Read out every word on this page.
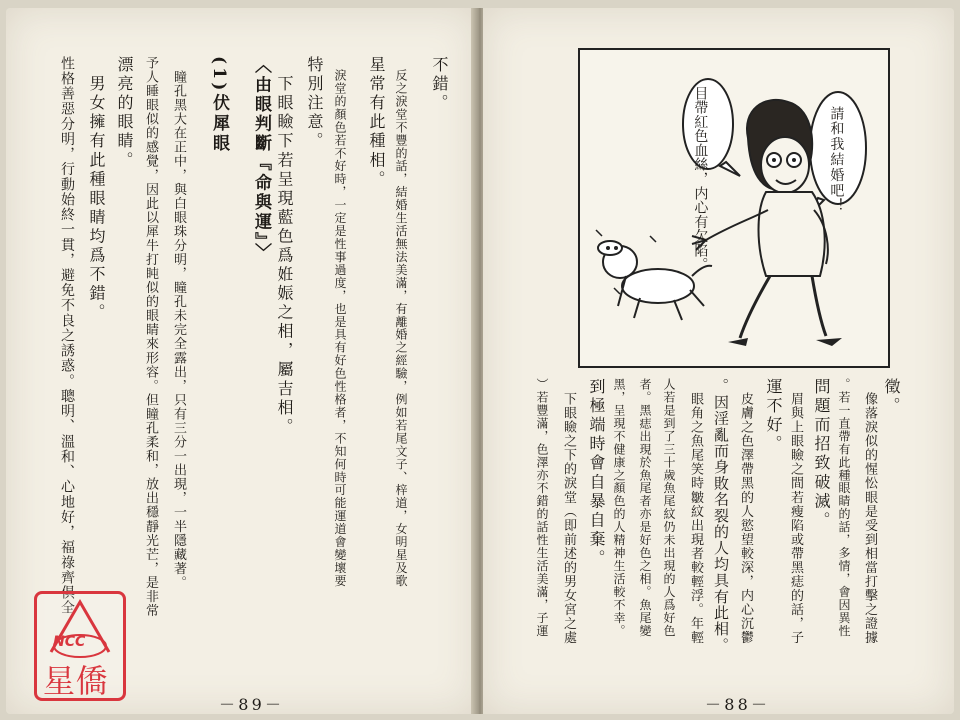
不錯。
　反之淚堂不豐的話，結婚生活無法美滿，有離婚之經驗，例如若尾文子、梓道，女明星及歌
星常有此種相。
　淚堂的顏色若不好時，一定是性事過度，也是具有好色性格者，不知何時可能運道會變壞要
特別注意。
　下眼瞼下若呈現藍色爲姙娠之相，屬吉相。
〈由眼判斷『命與運』〉
(1)伏犀眼
　瞳孔黑大在正中，與白眼珠分明，瞳孔未完全露出，只有三分一出現，一半隱藏著。
予人睡眼似的感覺，因此以犀牛打盹似的眼睛來形容。但瞳孔柔和，放出穩靜光芒，是非常
漂亮的眼睛。
　男女擁有此種眼睛均爲不錯。
性格善惡分明，行動始終一貫，避免不良之誘惑。聰明、溫和、心地好，福祿齊俱全
－89－
NCC
星僑
請和我結婚吧！
目帶紅色血絲，内心有欠陷。
徵。
　像落淚似的惺忪眼是受到相當打擊之證據
。若一直帶有此種眼睛的話，多情，會因異性
問題而招致破滅。
　眉與上眼瞼之間若瘦陷或帶黑痣的話，子
運不好。
　皮膚之色澤帶黑的人慾望較深，内心沉鬱
。因淫亂而身敗名裂的人均具有此相。
　眼角之魚尾笑時皺紋出現者較輕浮。年輕
人若是到了三十歲魚尾紋仍未出現的人爲好色
者。黑痣出現於魚尾者亦是好色之相。魚尾變
黑，呈現不健康之顏色的人精神生活較不幸。
到極端時會自暴自棄。
　下眼瞼之下的淚堂（即前述的男女宮之處
）若豐滿，色澤亦不錯的話性生活美滿，子運
－88－
